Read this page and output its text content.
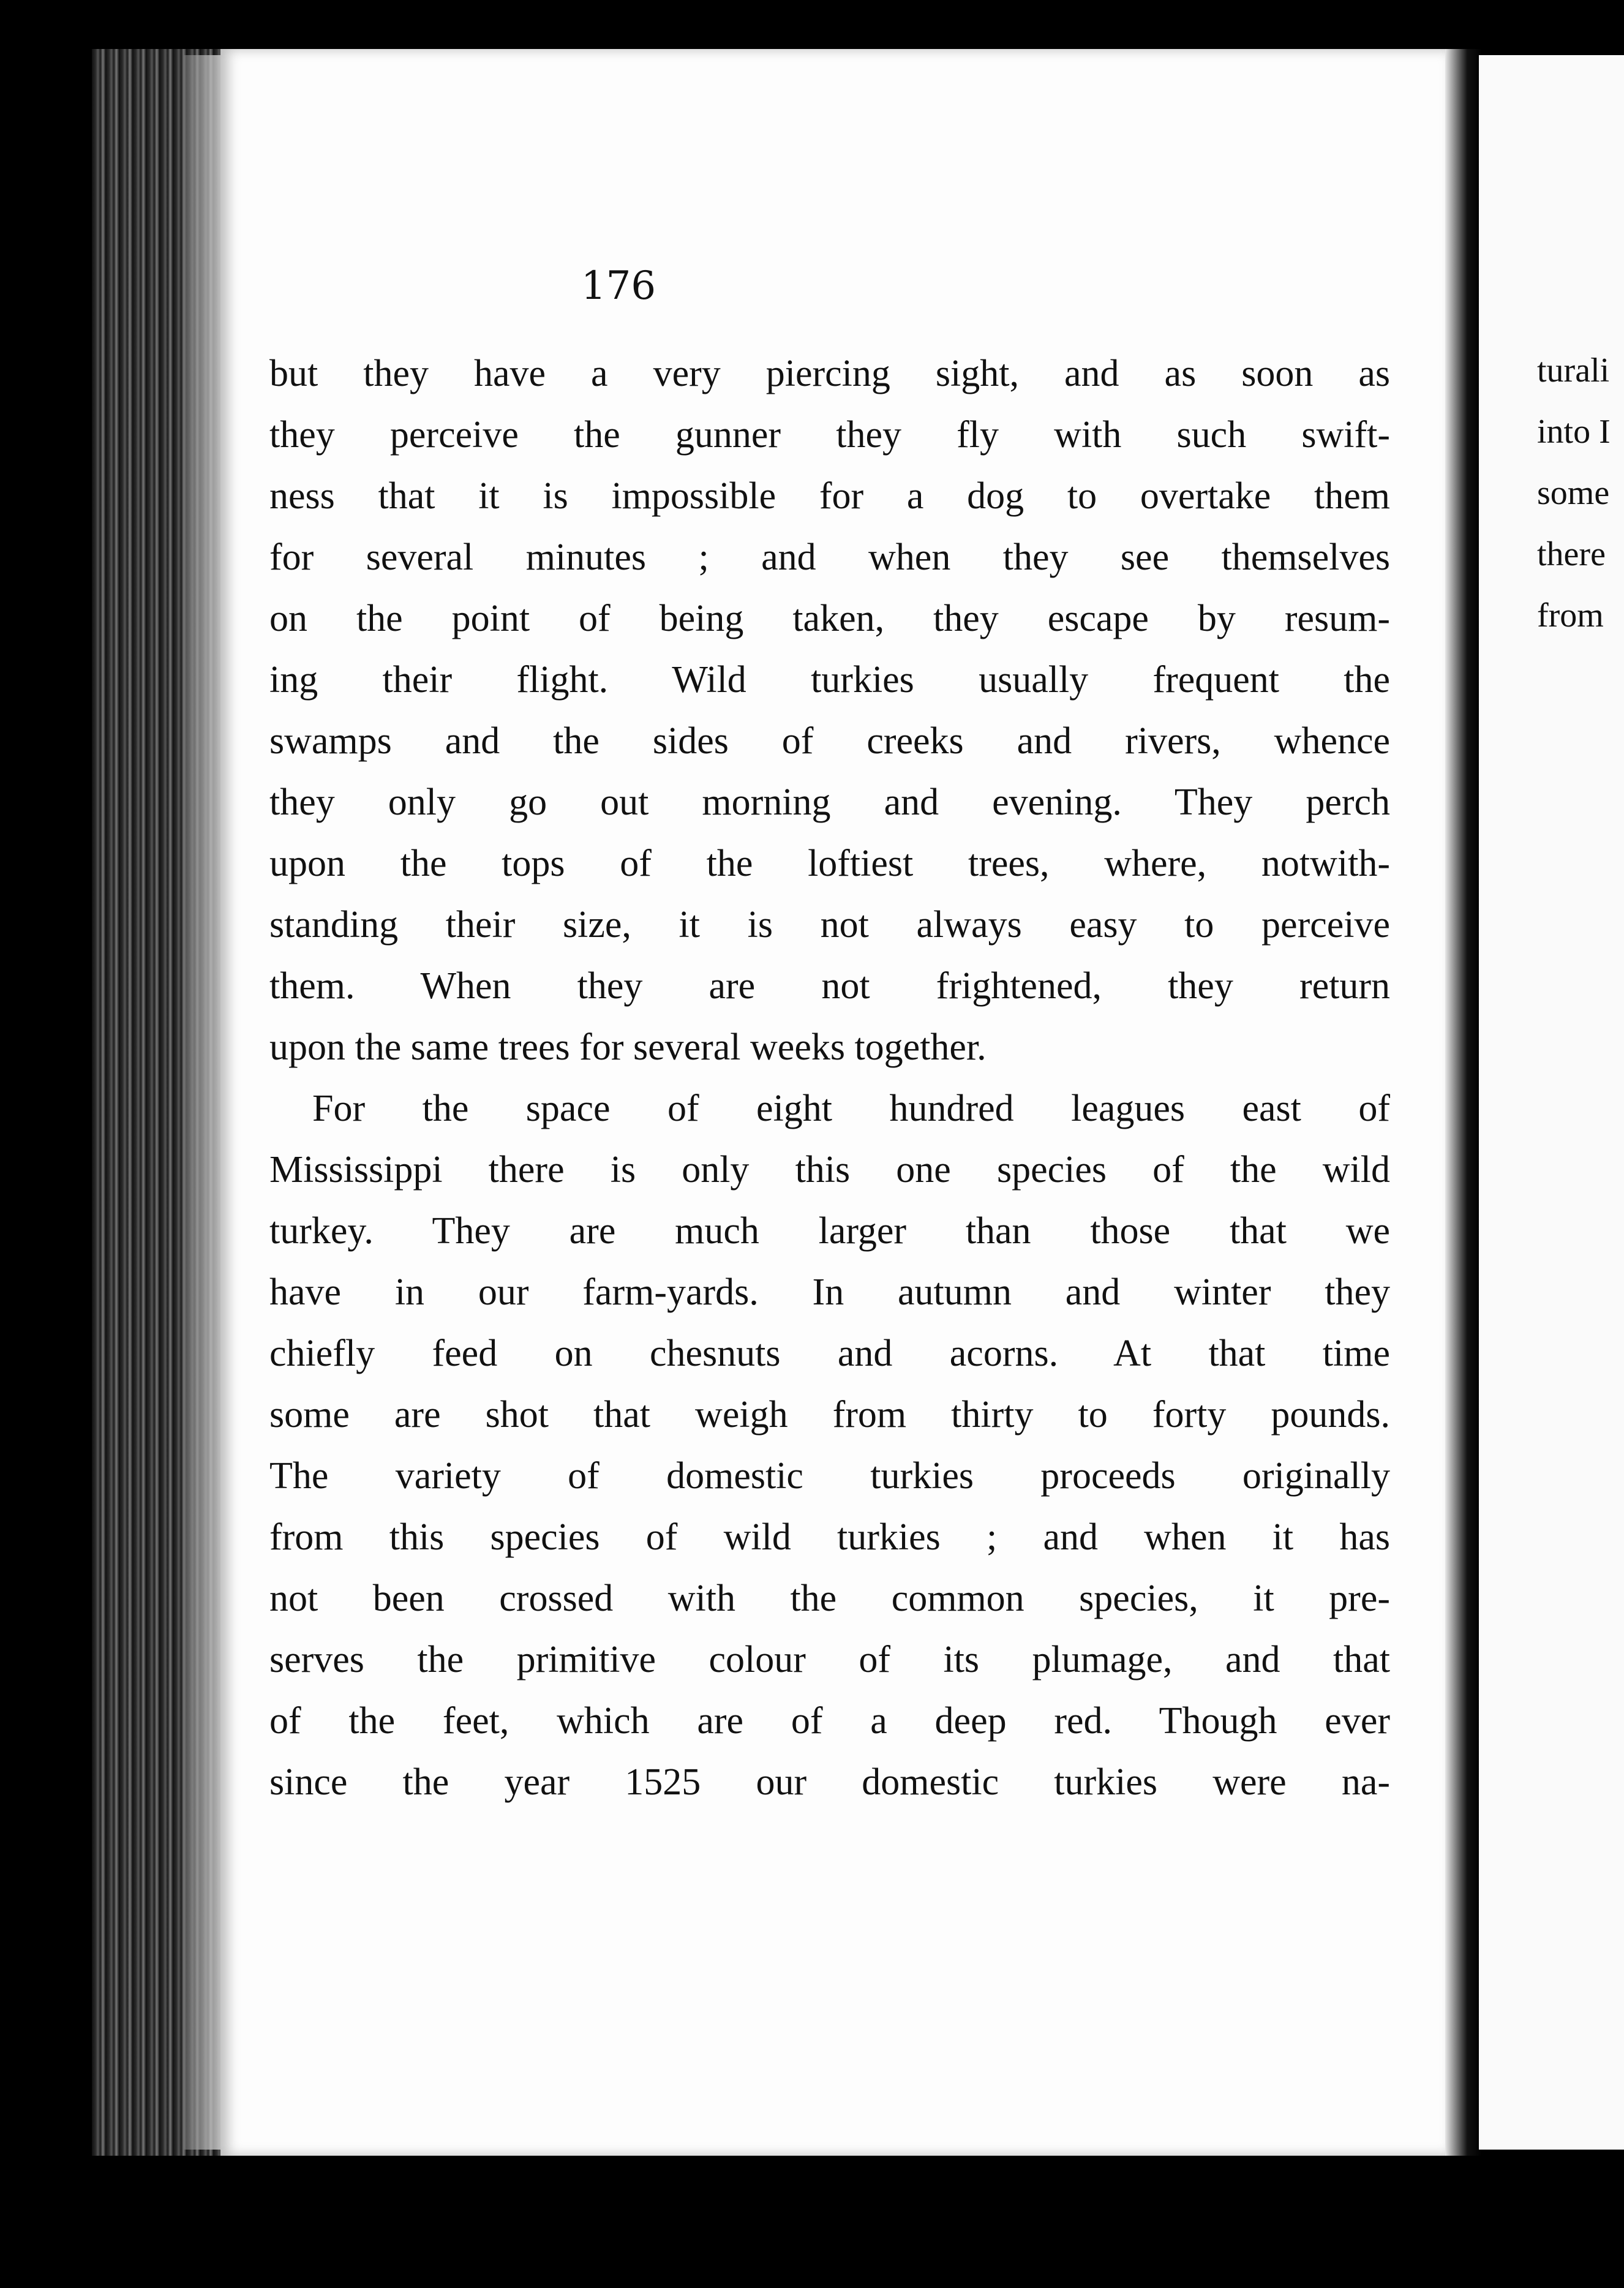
176
but they have a very piercing sight, and as soon as
they perceive the gunner they fly with such swift-
ness that it is impossible for a dog to overtake them
for several minutes ; and when they see themselves
on the point of being taken, they escape by resum-
ing their flight. Wild turkies usually frequent the
swamps and the sides of creeks and rivers, whence
they only go out morning and evening. They perch
upon the tops of the loftiest trees, where, notwith-
standing their size, it is not always easy to perceive
them. When they are not frightened, they return
upon the same trees for several weeks together.
For the space of eight hundred leagues east of
Mississippi there is only this one species of the wild
turkey. They are much larger than those that we
have in our farm-yards. In autumn and winter they
chiefly feed on chesnuts and acorns. At that time
some are shot that weigh from thirty to forty pounds.
The variety of domestic turkies proceeds originally
from this species of wild turkies ; and when it has
not been crossed with the common species, it pre-
serves the primitive colour of its plumage, and that
of the feet, which are of a deep red. Though ever
since the year 1525 our domestic turkies were na-
turali
into I
some
there
from
